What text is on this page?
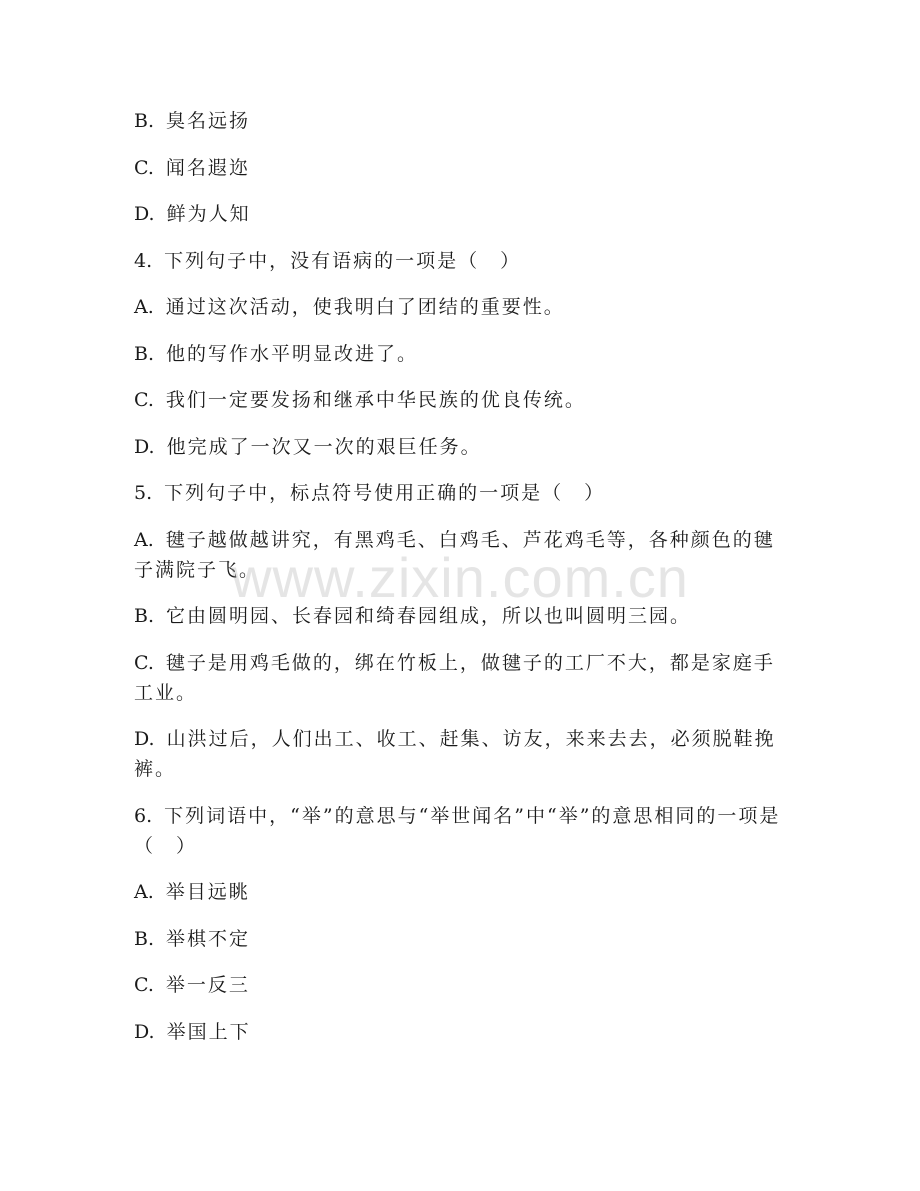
B. 臭名远扬

C. 闻名遐迩

D. 鲜为人知

4. 下列句子中，没有语病的一项是（　）

A. 通过这次活动，使我明白了团结的重要性。

B. 他的写作水平明显改进了。

C. 我们一定要发扬和继承中华民族的优良传统。

D. 他完成了一次又一次的艰巨任务。

5. 下列句子中，标点符号使用正确的一项是（　）

A. 毽子越做越讲究，有黑鸡毛、白鸡毛、芦花鸡毛等，各种颜色的毽子满院子飞。

B. 它由圆明园、长春园和绮春园组成，所以也叫圆明三园。

C. 毽子是用鸡毛做的，绑在竹板上，做毽子的工厂不大，都是家庭手工业。

D. 山洪过后，人们出工、收工、赶集、访友，来来去去，必须脱鞋挽裤。

6. 下列词语中，“举”的意思与“举世闻名”中“举”的意思相同的一项是（　）

A. 举目远眺

B. 举棋不定

C. 举一反三

D. 举国上下

www.zixin.com.cn
